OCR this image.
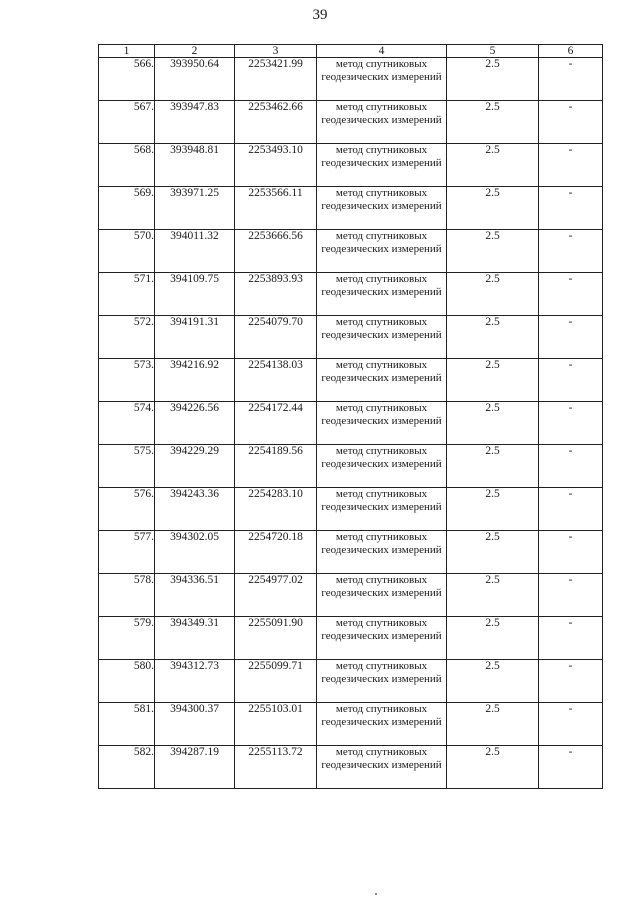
39
1	2	3	4	5	6
566.	393950.64	2253421.99	метод спутниковых геодезических измерений	2.5	-
567.	393947.83	2253462.66	метод спутниковых геодезических измерений	2.5	-
568.	393948.81	2253493.10	метод спутниковых геодезических измерений	2.5	-
569.	393971.25	2253566.11	метод спутниковых геодезических измерений	2.5	-
570.	394011.32	2253666.56	метод спутниковых геодезических измерений	2.5	-
571.	394109.75	2253893.93	метод спутниковых геодезических измерений	2.5	-
572.	394191.31	2254079.70	метод спутниковых геодезических измерений	2.5	-
573.	394216.92	2254138.03	метод спутниковых геодезических измерений	2.5	-
574.	394226.56	2254172.44	метод спутниковых геодезических измерений	2.5	-
575.	394229.29	2254189.56	метод спутниковых геодезических измерений	2.5	-
576.	394243.36	2254283.10	метод спутниковых геодезических измерений	2.5	-
577.	394302.05	2254720.18	метод спутниковых геодезических измерений	2.5	-
578.	394336.51	2254977.02	метод спутниковых геодезических измерений	2.5	-
579.	394349.31	2255091.90	метод спутниковых геодезических измерений	2.5	-
580.	394312.73	2255099.71	метод спутниковых геодезических измерений	2.5	-
581.	394300.37	2255103.01	метод спутниковых геодезических измерений	2.5	-
582.	394287.19	2255113.72	метод спутниковых геодезических измерений	2.5	-
